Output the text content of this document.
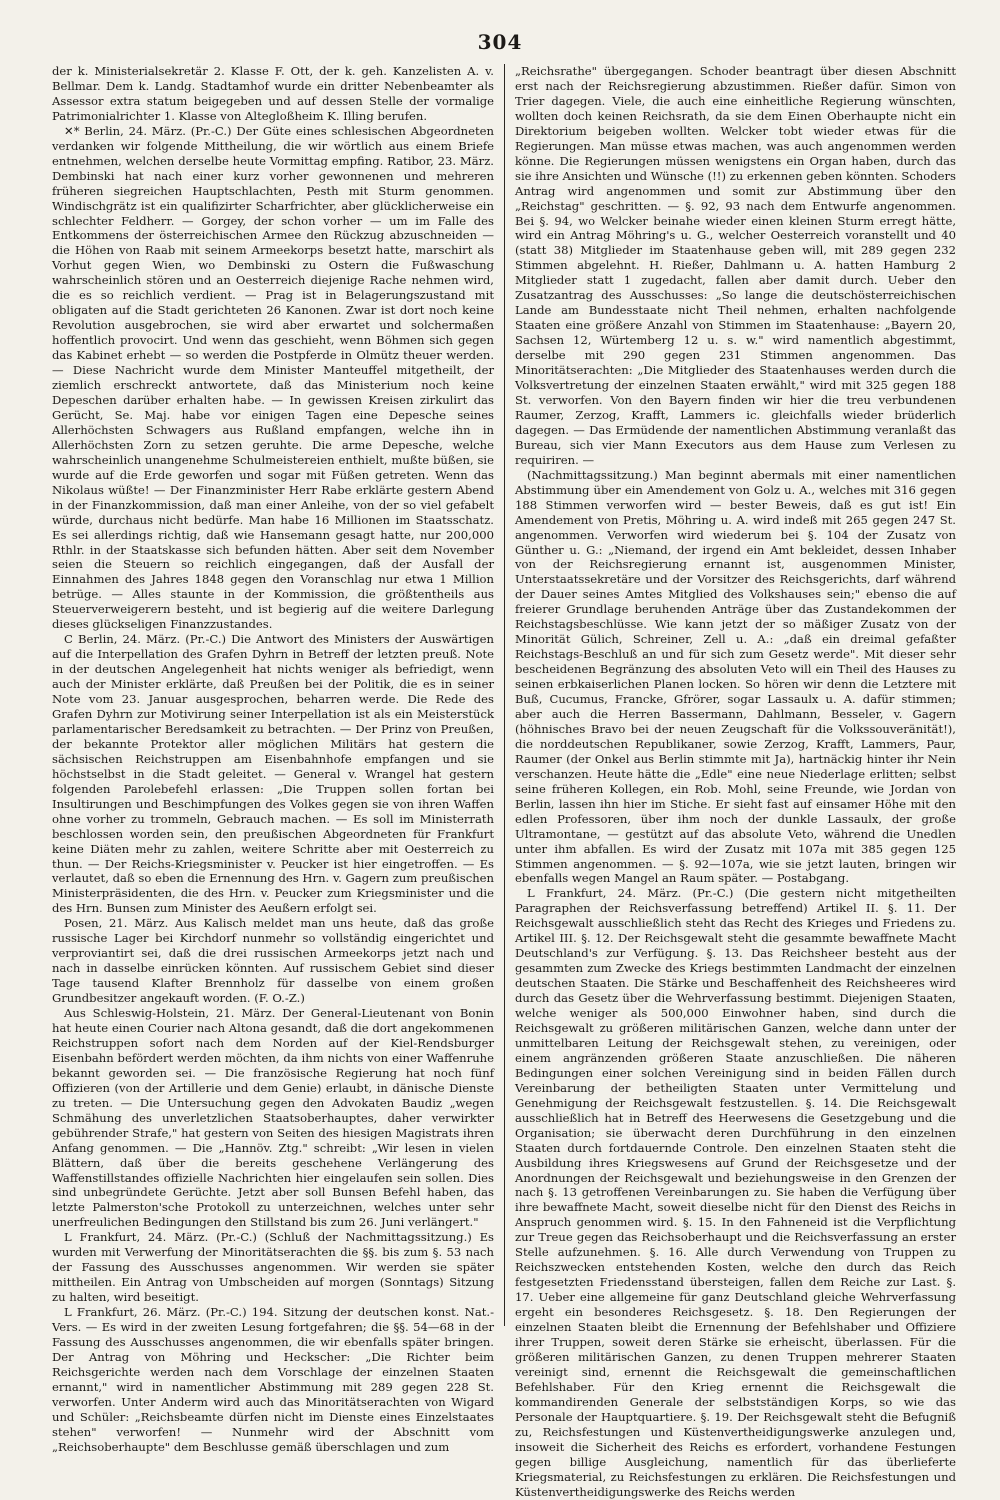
304

der k. Ministerialsekretär 2. Klasse F. Ott, der k. geh. Kanzelisten A. v. Bellmar. Dem k. Landg. Stadtamhof wurde ein dritter Nebenbeamter als Assessor extra statum beigegeben und auf dessen Stelle der vormalige Patrimonialrichter 1. Klasse von Altegloßheim K. Illing berufen.

✕* Berlin, 24. März. (Pr.-C.) Der Güte eines schlesischen Abgeordneten verdanken wir folgende Mittheilung, die wir wörtlich aus einem Briefe entnehmen, welchen derselbe heute Vormittag empfing. Ratibor, 23. März. Dembinski hat nach einer kurz vorher gewonnenen und mehreren früheren siegreichen Hauptschlachten, Pesth mit Sturm genommen. Windischgrätz ist ein qualifizirter Scharfrichter, aber glücklicherweise ein schlechter Feldherr. — Gorgey, der schon vorher — um im Falle des Entkommens der österreichischen Armee den Rückzug abzuschneiden — die Höhen von Raab mit seinem Armeekorps besetzt hatte, marschirt als Vorhut gegen Wien, wo Dembinski zu Ostern die Fußwaschung wahrscheinlich stören und an Oesterreich diejenige Rache nehmen wird, die es so reichlich verdient. — Prag ist in Belagerungszustand mit obligaten auf die Stadt gerichteten 26 Kanonen. Zwar ist dort noch keine Revolution ausgebrochen, sie wird aber erwartet und solchermaßen hoffentlich provocirt. Und wenn das geschieht, wenn Böhmen sich gegen das Kabinet erhebt — so werden die Postpferde in Olmütz theuer werden. — Diese Nachricht wurde dem Minister Manteuffel mitgetheilt, der ziemlich erschreckt antwortete, daß das Ministerium noch keine Depeschen darüber erhalten habe. — In gewissen Kreisen zirkulirt das Gerücht, Se. Maj. habe vor einigen Tagen eine Depesche seines Allerhöchsten Schwagers aus Rußland empfangen, welche ihn in Allerhöchsten Zorn zu setzen geruhte. Die arme Depesche, welche wahrscheinlich unangenehme Schulmeistereien enthielt, mußte büßen, sie wurde auf die Erde geworfen und sogar mit Füßen getreten. Wenn das Nikolaus wüßte! — Der Finanzminister Herr Rabe erklärte gestern Abend in der Finanzkommission, daß man einer Anleihe, von der so viel gefabelt würde, durchaus nicht bedürfe. Man habe 16 Millionen im Staatsschatz. Es sei allerdings richtig, daß wie Hansemann gesagt hatte, nur 200,000 Rthlr. in der Staatskasse sich befunden hätten. Aber seit dem November seien die Steuern so reichlich eingegangen, daß der Ausfall der Einnahmen des Jahres 1848 gegen den Voranschlag nur etwa 1 Million betrüge. — Alles staunte in der Kommission, die größtentheils aus Steuerverweigerern besteht, und ist begierig auf die weitere Darlegung dieses glückseligen Finanzzustandes.

C Berlin, 24. März. (Pr.-C.) Die Antwort des Ministers der Auswärtigen auf die Interpellation des Grafen Dyhrn in Betreff der letzten preuß. Note in der deutschen Angelegenheit hat nichts weniger als befriedigt, wenn auch der Minister erklärte, daß Preußen bei der Politik, die es in seiner Note vom 23. Januar ausgesprochen, beharren werde. Die Rede des Grafen Dyhrn zur Motivirung seiner Interpellation ist als ein Meisterstück parlamentarischer Beredsamkeit zu betrachten. — Der Prinz von Preußen, der bekannte Protektor aller möglichen Militärs hat gestern die sächsischen Reichstruppen am Eisenbahnhofe empfangen und sie höchstselbst in die Stadt geleitet. — General v. Wrangel hat gestern folgenden Parolebefehl erlassen: „Die Truppen sollen fortan bei Insultirungen und Beschimpfungen des Volkes gegen sie von ihren Waffen ohne vorher zu trommeln, Gebrauch machen. — Es soll im Ministerrath beschlossen worden sein, den preußischen Abgeordneten für Frankfurt keine Diäten mehr zu zahlen, weitere Schritte aber mit Oesterreich zu thun. — Der Reichs-Kriegsminister v. Peucker ist hier eingetroffen. — Es verlautet, daß so eben die Ernennung des Hrn. v. Gagern zum preußischen Ministerpräsidenten, die des Hrn. v. Peucker zum Kriegsminister und die des Hrn. Bunsen zum Minister des Aeußern erfolgt sei.

Posen, 21. März. Aus Kalisch meldet man uns heute, daß das große russische Lager bei Kirchdorf nunmehr so vollständig eingerichtet und verproviantirt sei, daß die drei russischen Armeekorps jetzt nach und nach in dasselbe einrücken könnten. Auf russischem Gebiet sind dieser Tage tausend Klafter Brennholz für dasselbe von einem großen Grundbesitzer angekauft worden. (F. O.-Z.)

Aus Schleswig-Holstein, 21. März. Der General-Lieutenant von Bonin hat heute einen Courier nach Altona gesandt, daß die dort angekommenen Reichstruppen sofort nach dem Norden auf der Kiel-Rendsburger Eisenbahn befördert werden möchten, da ihm nichts von einer Waffenruhe bekannt geworden sei. — Die französische Regierung hat noch fünf Offizieren (von der Artillerie und dem Genie) erlaubt, in dänische Dienste zu treten. — Die Untersuchung gegen den Advokaten Baudiz „wegen Schmähung des unverletzlichen Staatsoberhauptes, daher verwirkter gebührender Strafe," hat gestern von Seiten des hiesigen Magistrats ihren Anfang genommen. — Die „Hannöv. Ztg." schreibt: „Wir lesen in vielen Blättern, daß über die bereits geschehene Verlängerung des Waffenstillstandes offizielle Nachrichten hier eingelaufen sein sollen. Dies sind unbegründete Gerüchte. Jetzt aber soll Bunsen Befehl haben, das letzte Palmerston'sche Protokoll zu unterzeichnen, welches unter sehr unerfreulichen Bedingungen den Stillstand bis zum 26. Juni verlängert."

L Frankfurt, 24. März. (Pr.-C.) (Schluß der Nachmittagssitzung.) Es wurden mit Verwerfung der Minoritätserachten die §§. bis zum §. 53 nach der Fassung des Ausschusses angenommen. Wir werden sie später mittheilen. Ein Antrag von Umbscheiden auf morgen (Sonntags) Sitzung zu halten, wird beseitigt.

L Frankfurt, 26. März. (Pr.-C.) 194. Sitzung der deutschen konst. Nat.-Vers. — Es wird in der zweiten Lesung fortgefahren; die §§. 54—68 in der Fassung des Ausschusses angenommen, die wir ebenfalls später bringen. Der Antrag von Möhring und Heckscher: „Die Richter beim Reichsgerichte werden nach dem Vorschlage der einzelnen Staaten ernannt," wird in namentlicher Abstimmung mit 289 gegen 228 St. verworfen. Unter Anderm wird auch das Minoritätserachten von Wigard und Schüler: „Reichsbeamte dürfen nicht im Dienste eines Einzelstaates stehen" verworfen! — Nunmehr wird der Abschnitt vom „Reichsoberhaupte" dem Beschlusse gemäß überschlagen und zum

„Reichsrathe" übergegangen. Schoder beantragt über diesen Abschnitt erst nach der Reichsregierung abzustimmen. Rießer dafür. Simon von Trier dagegen. Viele, die auch eine einheitliche Regierung wünschten, wollten doch keinen Reichsrath, da sie dem Einen Oberhaupte nicht ein Direktorium beigeben wollten. Welcker tobt wieder etwas für die Regierungen. Man müsse etwas machen, was auch angenommen werden könne. Die Regierungen müssen wenigstens ein Organ haben, durch das sie ihre Ansichten und Wünsche (!!) zu erkennen geben könnten. Schoders Antrag wird angenommen und somit zur Abstimmung über den „Reichstag" geschritten. — §. 92, 93 nach dem Entwurfe angenommen. Bei §. 94, wo Welcker beinahe wieder einen kleinen Sturm erregt hätte, wird ein Antrag Möhring's u. G., welcher Oesterreich voranstellt und 40 (statt 38) Mitglieder im Staatenhause geben will, mit 289 gegen 232 Stimmen abgelehnt. H. Rießer, Dahlmann u. A. hatten Hamburg 2 Mitglieder statt 1 zugedacht, fallen aber damit durch. Ueber den Zusatzantrag des Ausschusses: „So lange die deutschösterreichischen Lande am Bundesstaate nicht Theil nehmen, erhalten nachfolgende Staaten eine größere Anzahl von Stimmen im Staatenhause: „Bayern 20, Sachsen 12, Würtemberg 12 u. s. w." wird namentlich abgestimmt, derselbe mit 290 gegen 231 Stimmen angenommen. Das Minoritätserachten: „Die Mitglieder des Staatenhauses werden durch die Volksvertretung der einzelnen Staaten erwählt," wird mit 325 gegen 188 St. verworfen. Von den Bayern finden wir hier die treu verbundenen Raumer, Zerzog, Krafft, Lammers ic. gleichfalls wieder brüderlich dagegen. — Das Ermüdende der namentlichen Abstimmung veranlaßt das Bureau, sich vier Mann Executors aus dem Hause zum Verlesen zu requiriren. —

(Nachmittagssitzung.) Man beginnt abermals mit einer namentlichen Abstimmung über ein Amendement von Golz u. A., welches mit 316 gegen 188 Stimmen verworfen wird — bester Beweis, daß es gut ist! Ein Amendement von Pretis, Möhring u. A. wird indeß mit 265 gegen 247 St. angenommen. Verworfen wird wiederum bei §. 104 der Zusatz von Günther u. G.: „Niemand, der irgend ein Amt bekleidet, dessen Inhaber von der Reichsregierung ernannt ist, ausgenommen Minister, Unterstaatssekretäre und der Vorsitzer des Reichsgerichts, darf während der Dauer seines Amtes Mitglied des Volkshauses sein;" ebenso die auf freierer Grundlage beruhenden Anträge über das Zustandekommen der Reichstagsbeschlüsse. Wie kann jetzt der so mäßiger Zusatz von der Minorität Gülich, Schreiner, Zell u. A.: „daß ein dreimal gefaßter Reichstags-Beschluß an und für sich zum Gesetz werde". Mit dieser sehr bescheidenen Begränzung des absoluten Veto will ein Theil des Hauses zu seinen erbkaiserlichen Planen locken. So hören wir denn die Letztere mit Buß, Cucumus, Francke, Gfrörer, sogar Lassaulx u. A. dafür stimmen; aber auch die Herren Bassermann, Dahlmann, Besseler, v. Gagern (höhnisches Bravo bei der neuen Zeugschaft für die Volkssouveränität!), die norddeutschen Republikaner, sowie Zerzog, Krafft, Lammers, Paur, Raumer (der Onkel aus Berlin stimmte mit Ja), hartnäckig hinter ihr Nein verschanzen. Heute hätte die „Edle" eine neue Niederlage erlitten; selbst seine früheren Kollegen, ein Rob. Mohl, seine Freunde, wie Jordan von Berlin, lassen ihn hier im Stiche. Er sieht fast auf einsamer Höhe mit den edlen Professoren, über ihm noch der dunkle Lassaulx, der große Ultramontane, — gestützt auf das absolute Veto, während die Unedlen unter ihm abfallen. Es wird der Zusatz mit 107a mit 385 gegen 125 Stimmen angenommen. — §. 92—107a, wie sie jetzt lauten, bringen wir ebenfalls wegen Mangel an Raum später. — Postabgang.

L Frankfurt, 24. März. (Pr.-C.) (Die gestern nicht mitgetheilten Paragraphen der Reichsverfassung betreffend) Artikel II. §. 11. Der Reichsgewalt ausschließlich steht das Recht des Krieges und Friedens zu. Artikel III. §. 12. Der Reichsgewalt steht die gesammte bewaffnete Macht Deutschland's zur Verfügung. §. 13. Das Reichsheer besteht aus der gesammten zum Zwecke des Kriegs bestimmten Landmacht der einzelnen deutschen Staaten. Die Stärke und Beschaffenheit des Reichsheeres wird durch das Gesetz über die Wehrverfassung bestimmt. Diejenigen Staaten, welche weniger als 500,000 Einwohner haben, sind durch die Reichsgewalt zu größeren militärischen Ganzen, welche dann unter der unmittelbaren Leitung der Reichsgewalt stehen, zu vereinigen, oder einem angränzenden größeren Staate anzuschließen. Die näheren Bedingungen einer solchen Vereinigung sind in beiden Fällen durch Vereinbarung der betheiligten Staaten unter Vermittelung und Genehmigung der Reichsgewalt festzustellen. §. 14. Die Reichsgewalt ausschließlich hat in Betreff des Heerwesens die Gesetzgebung und die Organisation; sie überwacht deren Durchführung in den einzelnen Staaten durch fortdauernde Controle. Den einzelnen Staaten steht die Ausbildung ihres Kriegswesens auf Grund der Reichsgesetze und der Anordnungen der Reichsgewalt und beziehungsweise in den Grenzen der nach §. 13 getroffenen Vereinbarungen zu. Sie haben die Verfügung über ihre bewaffnete Macht, soweit dieselbe nicht für den Dienst des Reichs in Anspruch genommen wird. §. 15. In den Fahneneid ist die Verpflichtung zur Treue gegen das Reichsoberhaupt und die Reichsverfassung an erster Stelle aufzunehmen. §. 16. Alle durch Verwendung von Truppen zu Reichszwecken entstehenden Kosten, welche den durch das Reich festgesetzten Friedensstand übersteigen, fallen dem Reiche zur Last. §. 17. Ueber eine allgemeine für ganz Deutschland gleiche Wehrverfassung ergeht ein besonderes Reichsgesetz. §. 18. Den Regierungen der einzelnen Staaten bleibt die Ernennung der Befehlshaber und Offiziere ihrer Truppen, soweit deren Stärke sie erheischt, überlassen. Für die größeren militärischen Ganzen, zu denen Truppen mehrerer Staaten vereinigt sind, ernennt die Reichsgewalt die gemeinschaftlichen Befehlshaber. Für den Krieg ernennt die Reichsgewalt die kommandirenden Generale der selbstständigen Korps, so wie das Personale der Hauptquartiere. §. 19. Der Reichsgewalt steht die Befugniß zu, Reichsfestungen und Küstenvertheidigungswerke anzulegen und, insoweit die Sicherheit des Reichs es erfordert, vorhandene Festungen gegen billige Ausgleichung, namentlich für das überlieferte Kriegsmaterial, zu Reichsfestungen zu erklären. Die Reichsfestungen und Küstenvertheidigungswerke des Reichs werden
